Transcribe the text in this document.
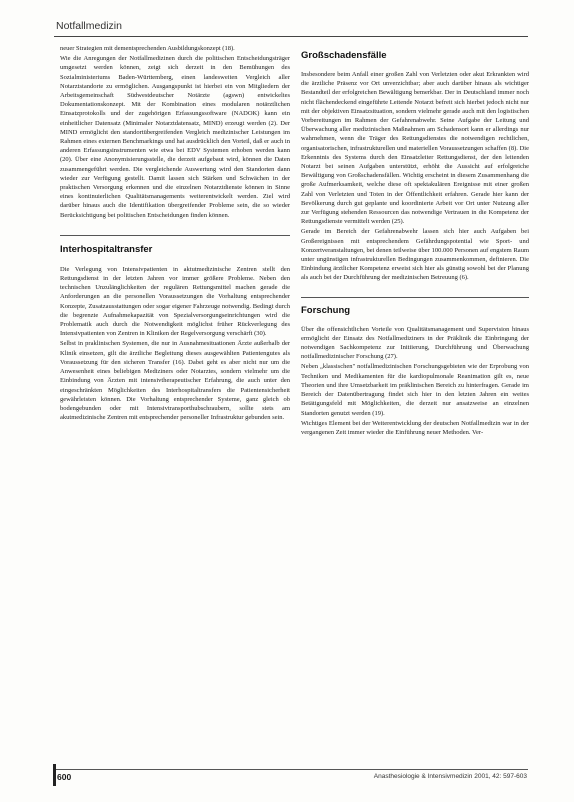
Notfallmedizin

neuer Strategien mit dementsprechenden Ausbildungskonzept (18).

Wie die Anregungen der Notfallmedizinen durch die politischen Entscheidungsträger umgesetzt werden können, zeigt sich derzeit in den Bemühungen des Sozialministeriums Baden-Württemberg, einen landesweiten Vergleich aller Notarztstandorte zu ermöglichen. Ausgangspunkt ist hierbei ein von Mitgliedern der Arbeitsgemeinschaft Südwestdeutscher Notärzte (agswn) entwickeltes Dokumentationskonzept. Mit der Kombination eines modularen notärztlichen Einsatzprotokolls und der zugehörigen Erfassungssoftware (NADOK) kann ein einheitlicher Datensatz (Minimaler Notarztdatensatz, MIND) erzeugt werden (2). Der MIND ermöglicht den standortübergreifenden Vergleich medizinischer Leistungen im Rahmen eines externen Benchmarkings und hat ausdrücklich den Vorteil, daß er auch in anderen Erfassungsinstrumenten wie etwa bei EDV Systemen erhoben werden kann (20). Über eine Anonymisierungsstelle, die derzeit aufgebaut wird, können die Daten zusammengeführt werden. Die vergleichende Auswertung wird den Standorten dann wieder zur Verfügung gestellt. Damit lassen sich Stärken und Schwächen in der praktischen Versorgung erkennen und die einzelnen Notarztdienste können in Sinne eines kontinuierlichen Qualitätsmanagements weiterentwickelt werden. Ziel wird darüber hinaus auch die Identifikation übergreifender Probleme sein, die so wieder Berücksichtigung bei politischen Entscheidungen finden können.

Interhospitaltransfer

Die Verlegung von Intensivpatienten in aktutmedizinische Zentren stellt den Rettungsdienst in der letzten Jahren vor immer größere Probleme. Neben den technischen Unzulänglichkeiten der regulären Rettungsmittel machen gerade die Anforderungen an die personellen Voraussetzungen die Vorhaltung entsprechender Konzepte, Zusatzausstattungen oder sogar eigener Fahrzeuge notwendig. Bedingt durch die begrenzte Aufnahmekapazität von Spezialversorgungseinrichtungen wird die Problematik auch durch die Notwendigkeit möglichst früher Rückverlegung des Intensivpatienten von Zentren in Kliniken der Regelversorgung verschärft (30).

Selbst in praklinischen Systemen, die nur in Ausnahmesituationen Ärzte außerhalb der Klinik einsetzen, gilt die ärztliche Begleitung dieses ausgewählten Patientengutes als Voraussetzung für den sicheren Transfer (16). Dabei geht es aber nicht nur um die Anwesenheit eines beliebigen Mediziners oder Notarztes, sondern vielmehr um die Einbindung von Ärzten mit intensivtherapeutischer Erfahrung, die auch unter den eingeschränkten Möglichkeiten des Interhospitaltransfers die Patientensicherheit gewährleisten können. Die Vorhaltung entsprechender Systeme, ganz gleich ob bodengebunden oder mit Intensivtransporthubschraubern, sollte stets am akutmedizinische Zentren mit entsprechender personeller Infrastruktur gebunden sein.

Großschadensfälle

Insbesondere beim Anfall einer großen Zahl von Verletzten oder akut Erkrankten wird die ärztliche Präsenz vor Ort unverzichtbar; aber auch darüber hinaus als wichtiger Bestandteil der erfolgreichen Bewältigung bemerkbar. Der in Deutschland immer noch nicht flächendeckend eingeführte Leitende Notarzt befreit sich hierbei jedoch nicht nur mit der objektiven Einsatzsituation, sondern vielmehr gerade auch mit den logistischen Vorbereitungen im Rahmen der Gefahrenabwehr. Seine Aufgabe der Leitung und Überwachung aller medizinischen Maßnahmen am Schadensort kann er allerdings nur wahrnehmen, wenn die Träger des Rettungsdienstes die notwendigen rechtlichen, organisatorischen, infrastrukturellen und materiellen Voraussetzungen schaffen (8). Die Erkenntnis des Systems durch den Einsatzleiter Rettungsdienst, der den leitenden Notarzt bei seinen Aufgaben unterstützt, erhöht die Aussicht auf erfolgreiche Bewältigung von Großschadensfällen. Wichtig erscheint in diesem Zusammenhang die große Aufmerksamkeit, welche diese oft spektakulären Ereignisse mit einer großen Zahl von Verletzten und Toten in der Öffentlichkeit erfahren. Gerade hier kann der Bevölkerung durch gut geplante und koordinierte Arbeit vor Ort unter Nutzung aller zur Verfügung stehenden Ressourcen das notwendige Vertrauen in die Kompetenz der Rettungsdienste vermittelt werden (25).

Gerade im Bereich der Gefahrenabwehr lassen sich hier auch Aufgaben bei Großereignissen mit entsprechendem Gefährdungspotential wie Sport- und Konzertveranstaltungen, bei denen teilweise über 100.000 Personen auf engstem Raum unter ungünstigen infrastrukturellen Bedingungen zusammenkommen, definieren. Die Einbindung ärztlicher Kompetenz erweist sich hier als günstig sowohl bei der Planung als auch bei der Durchführung der medizinischen Betreuung (6).

Forschung

Über die offensichtlichen Vorteile von Qualitätsmanagement und Supervision hinaus ermöglicht der Einsatz des Notfallmediziners in der Präklinik die Einbringung der notwendigen Sachkompetenz zur Initiierung, Durchführung und Überwachung notfallmedizinischer Forschung (27).

Neben „klassischen" notfallmedizinischen Forschungsgebieten wie der Erprobung von Techniken und Medikamenten für die kardiopulmonale Reanimation gilt es, neue Theorien und ihre Umsetzbarkeit im präklinischen Bereich zu hinterfragen. Gerade im Bereich der Datenübertragung findet sich hier in den letzten Jahren ein weites Betätigungsfeld mit Möglichkeiten, die derzeit nur ansatzweise an einzelnen Standorten genutzt werden (19).

Wichtiges Element bei der Weiterentwicklung der deutschen Notfallmedizin war in der vergangenen Zeit immer wieder die Einführung neuer Methoden. Ver-

600	Anasthesiologie & Intensivmedizin 2001, 42: 597-603
